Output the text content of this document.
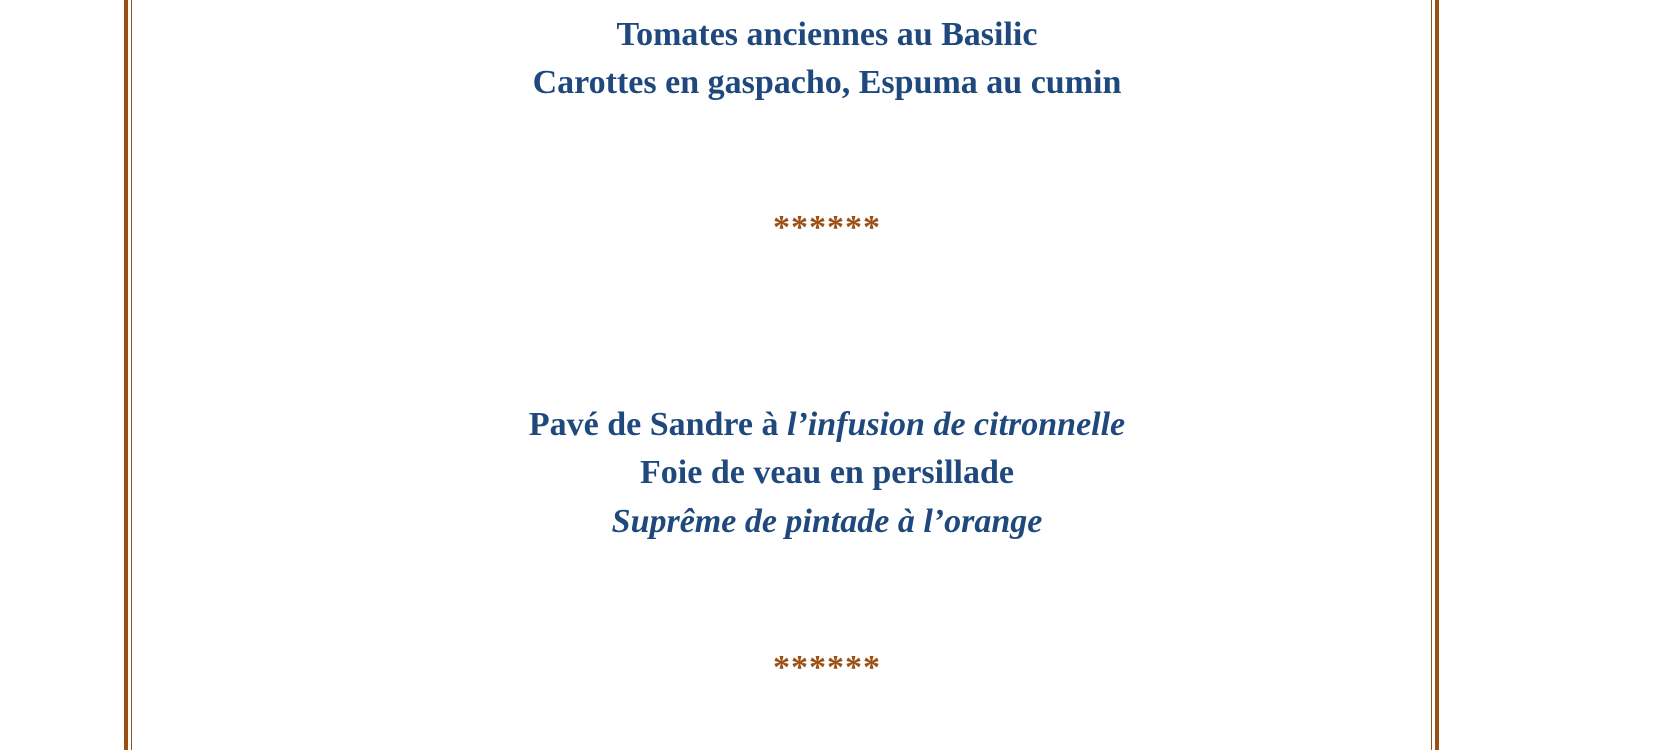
Tomates anciennes au Basilic
Carottes en gaspacho, Espuma au cumin
******
Pavé de Sandre à l’infusion de citronnelle
Foie de veau en persillade
Suprême de pintade à l’orange
******
